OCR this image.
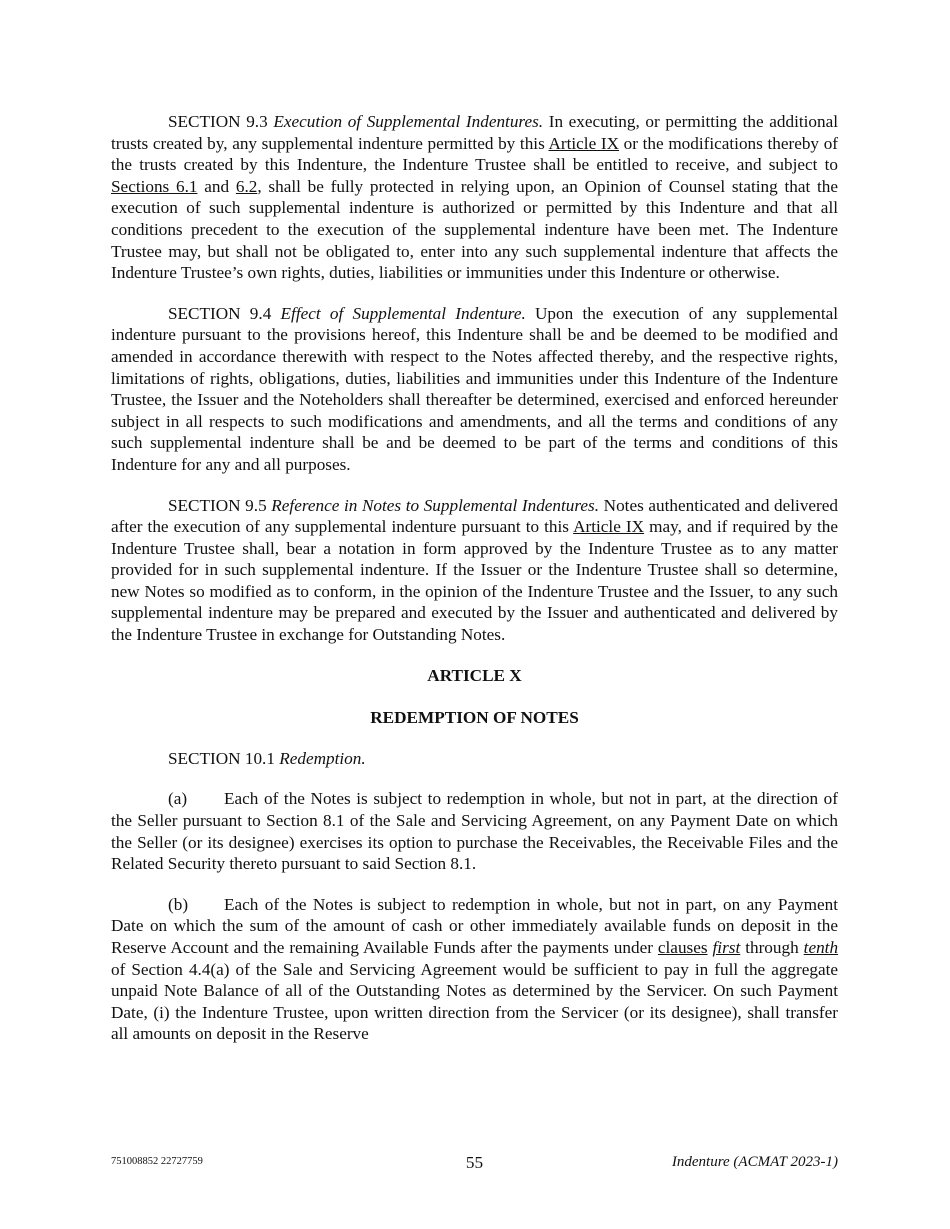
SECTION 9.3 Execution of Supplemental Indentures. In executing, or permitting the additional trusts created by, any supplemental indenture permitted by this Article IX or the modifications thereby of the trusts created by this Indenture, the Indenture Trustee shall be entitled to receive, and subject to Sections 6.1 and 6.2, shall be fully protected in relying upon, an Opinion of Counsel stating that the execution of such supplemental indenture is authorized or permitted by this Indenture and that all conditions precedent to the execution of the supplemental indenture have been met. The Indenture Trustee may, but shall not be obligated to, enter into any such supplemental indenture that affects the Indenture Trustee’s own rights, duties, liabilities or immunities under this Indenture or otherwise.

SECTION 9.4 Effect of Supplemental Indenture. Upon the execution of any supplemental indenture pursuant to the provisions hereof, this Indenture shall be and be deemed to be modified and amended in accordance therewith with respect to the Notes affected thereby, and the respective rights, limitations of rights, obligations, duties, liabilities and immunities under this Indenture of the Indenture Trustee, the Issuer and the Noteholders shall thereafter be determined, exercised and enforced hereunder subject in all respects to such modifications and amendments, and all the terms and conditions of any such supplemental indenture shall be and be deemed to be part of the terms and conditions of this Indenture for any and all purposes.

SECTION 9.5 Reference in Notes to Supplemental Indentures. Notes authenticated and delivered after the execution of any supplemental indenture pursuant to this Article IX may, and if required by the Indenture Trustee shall, bear a notation in form approved by the Indenture Trustee as to any matter provided for in such supplemental indenture. If the Issuer or the Indenture Trustee shall so determine, new Notes so modified as to conform, in the opinion of the Indenture Trustee and the Issuer, to any such supplemental indenture may be prepared and executed by the Issuer and authenticated and delivered by the Indenture Trustee in exchange for Outstanding Notes.

ARTICLE X
REDEMPTION OF NOTES

SECTION 10.1 Redemption.

(a) Each of the Notes is subject to redemption in whole, but not in part, at the direction of the Seller pursuant to Section 8.1 of the Sale and Servicing Agreement, on any Payment Date on which the Seller (or its designee) exercises its option to purchase the Receivables, the Receivable Files and the Related Security thereto pursuant to said Section 8.1.

(b) Each of the Notes is subject to redemption in whole, but not in part, on any Payment Date on which the sum of the amount of cash or other immediately available funds on deposit in the Reserve Account and the remaining Available Funds after the payments under clauses first through tenth of Section 4.4(a) of the Sale and Servicing Agreement would be sufficient to pay in full the aggregate unpaid Note Balance of all of the Outstanding Notes as determined by the Servicer. On such Payment Date, (i) the Indenture Trustee, upon written direction from the Servicer (or its designee), shall transfer all amounts on deposit in the Reserve

751008852 22727759	55	Indenture (ACMAT 2023-1)
